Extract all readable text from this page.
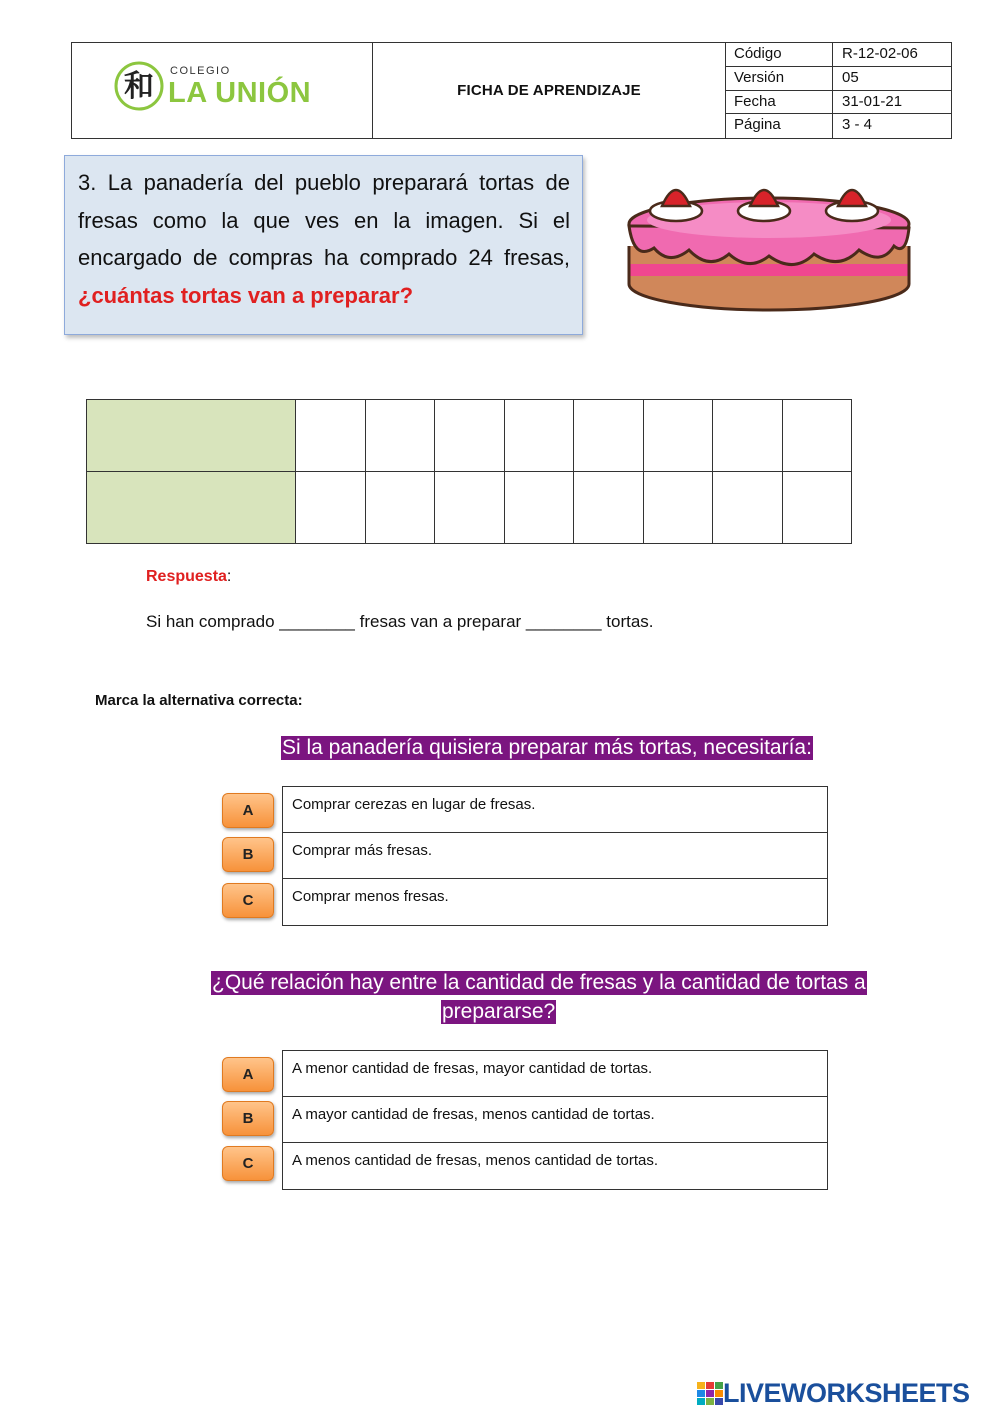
和 COLEGIO
LA UNIÓN	FICHA DE APRENDIZAJE
Código	R-12-02-06
Versión	05
Fecha	31-01-21
Página	3 - 4
3. La panadería del pueblo preparará tortas de fresas como la que ves en la imagen. Si el encargado de compras ha comprado 24 fresas, ¿cuántas tortas van a preparar?

Respuesta:
Si han comprado ________ fresas van a preparar ________ tortas.
Marca la alternativa correcta:
Si la panadería quisiera preparar más tortas, necesitaría:
A
B
C
Comprar cerezas en lugar de fresas.
Comprar más fresas.
Comprar menos fresas.
¿Qué relación hay entre la cantidad de fresas y la cantidad de tortas a
prepararse?
A
B
C
A menor cantidad de fresas, mayor cantidad de tortas.
A mayor cantidad de fresas, menos cantidad de tortas.
A menos cantidad de fresas, menos cantidad de tortas.
LIVEWORKSHEETS
